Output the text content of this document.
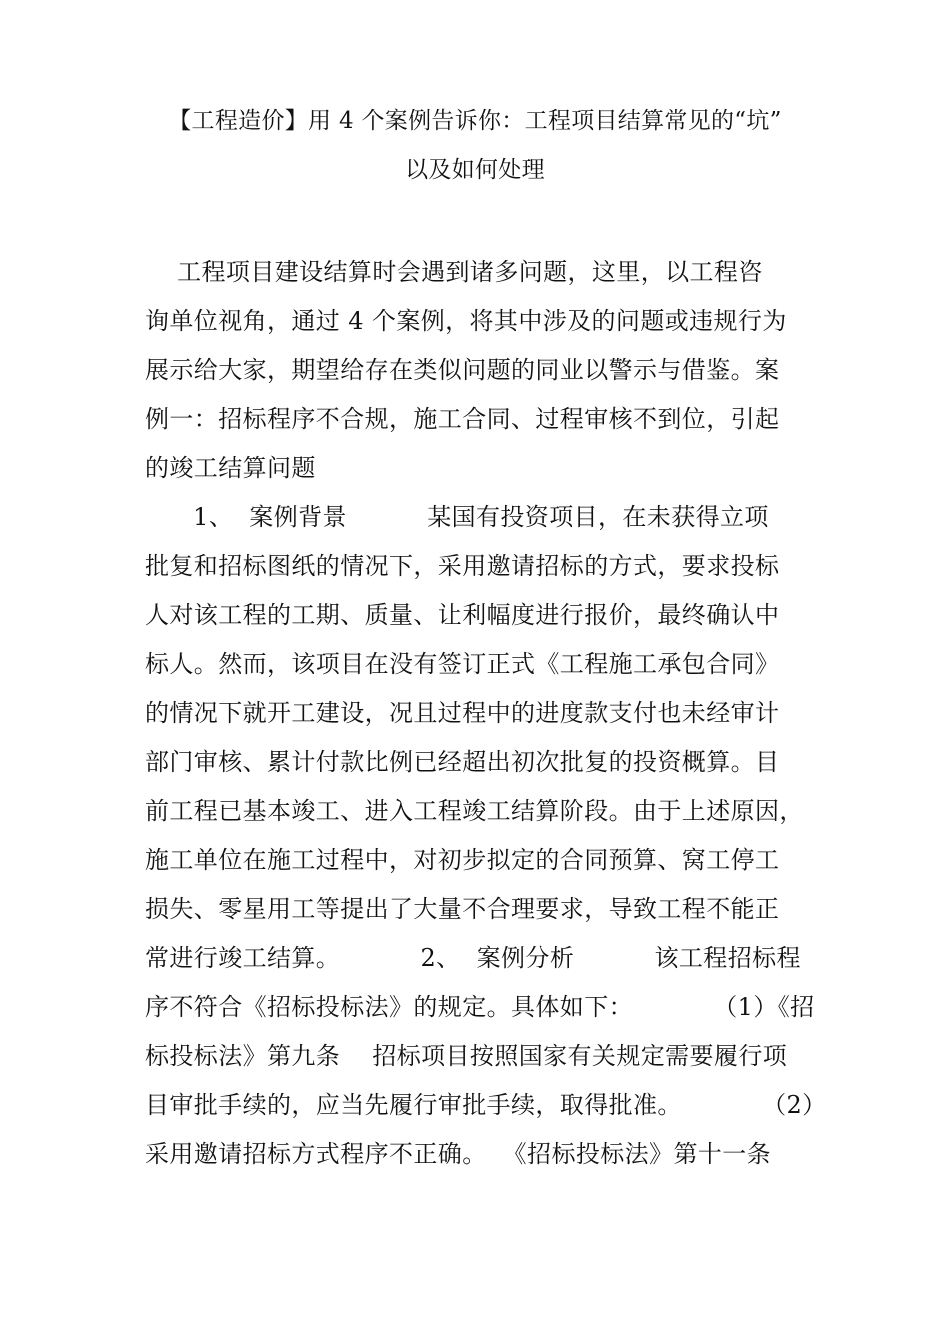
【工程造价】用 4 个案例告诉你：工程项目结算常见的“坑”
以及如何处理
工程项目建设结算时会遇到诸多问题，这里，以工程咨
询单位视角，通过 4 个案例，将其中涉及的问题或违规行为
展示给大家，期望给存在类似问题的同业以警示与借鉴。案
例一：招标程序不合规，施工合同、过程审核不到位，引起
的竣工结算问题
1、  案例背景          某国有投资项目，在未获得立项
批复和招标图纸的情况下，采用邀请招标的方式，要求投标
人对该工程的工期、质量、让利幅度进行报价，最终确认中
标人。然而，该项目在没有签订正式《工程施工承包合同》
的情况下就开工建设，况且过程中的进度款支付也未经审计
部门审核、累计付款比例已经超出初次批复的投资概算。目
前工程已基本竣工、进入工程竣工结算阶段。由于上述原因，
施工单位在施工过程中，对初步拟定的合同预算、窝工停工
损失、零星用工等提出了大量不合理要求，导致工程不能正
常进行竣工结算。          2、  案例分析          该工程招标程
序不符合《招标投标法》的规定。具体如下：          （1）《招
标投标法》第九条    招标项目按照国家有关规定需要履行项
目审批手续的，应当先履行审批手续，取得批准。          （2）
采用邀请招标方式程序不正确。  《招标投标法》第十一条
